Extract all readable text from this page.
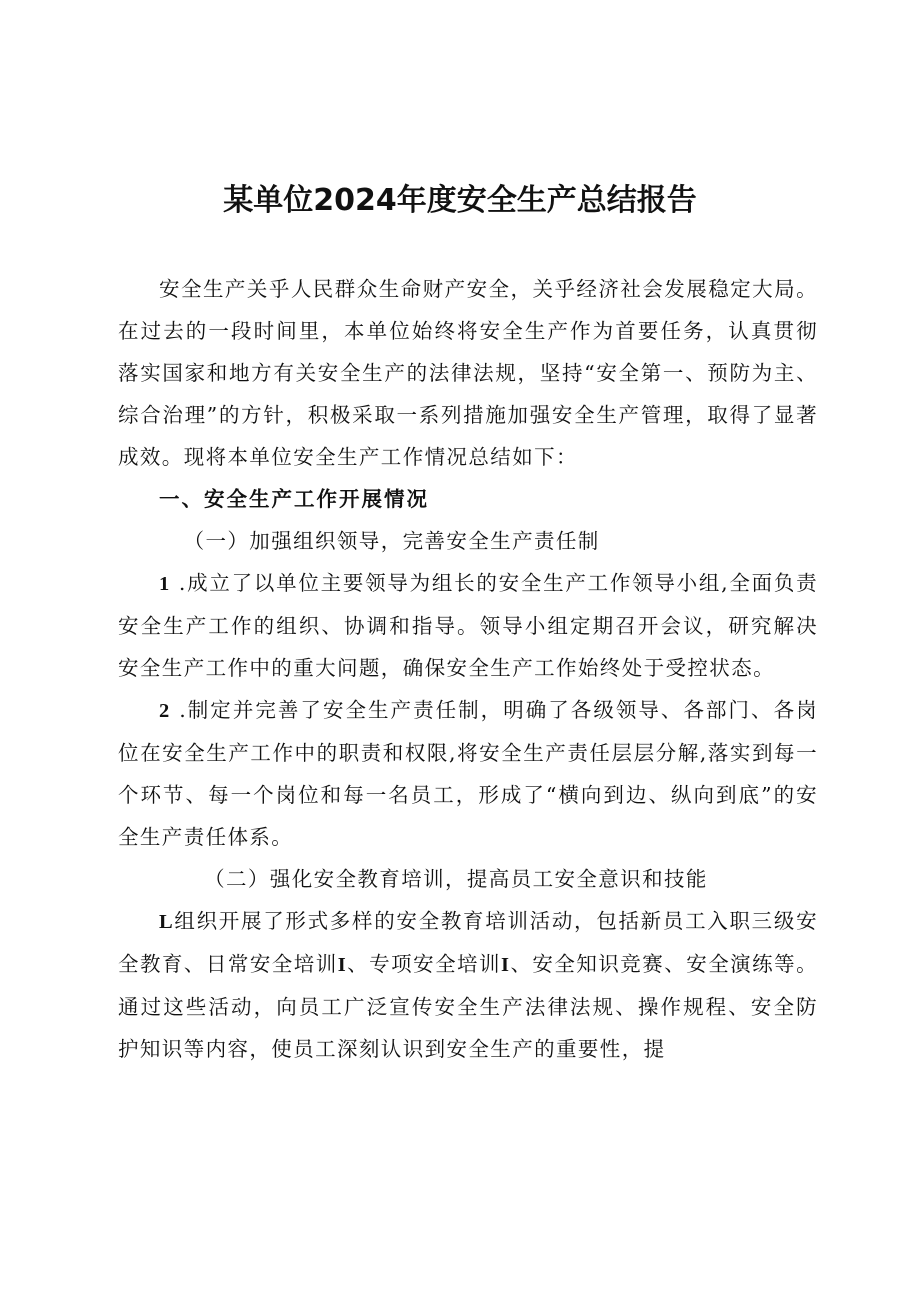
某单位2024年度安全生产总结报告

安全生产关乎人民群众生命财产安全，关乎经济社会发展稳定大局。在过去的一段时间里，本单位始终将安全生产作为首要任务，认真贯彻落实国家和地方有关安全生产的法律法规，坚持“安全第一、预防为主、综合治理”的方针，积极采取一系列措施加强安全生产管理，取得了显著成效。现将本单位安全生产工作情况总结如下：

一、安全生产工作开展情况

（一）加强组织领导，完善安全生产责任制

1 .成立了以单位主要领导为组长的安全生产工作领导小组,全面负责安全生产工作的组织、协调和指导。领导小组定期召开会议，研究解决安全生产工作中的重大问题，确保安全生产工作始终处于受控状态。

2 .制定并完善了安全生产责任制，明确了各级领导、各部门、各岗位在安全生产工作中的职责和权限,将安全生产责任层层分解,落实到每一个环节、每一个岗位和每一名员工，形成了“横向到边、纵向到底”的安全生产责任体系。

（二）强化安全教育培训，提高员工安全意识和技能

L组织开展了形式多样的安全教育培训活动，包括新员工入职三级安全教育、日常安全培训I、专项安全培训I、安全知识竞赛、安全演练等。通过这些活动，向员工广泛宣传安全生产法律法规、操作规程、安全防护知识等内容，使员工深刻认识到安全生产的重要性，提
